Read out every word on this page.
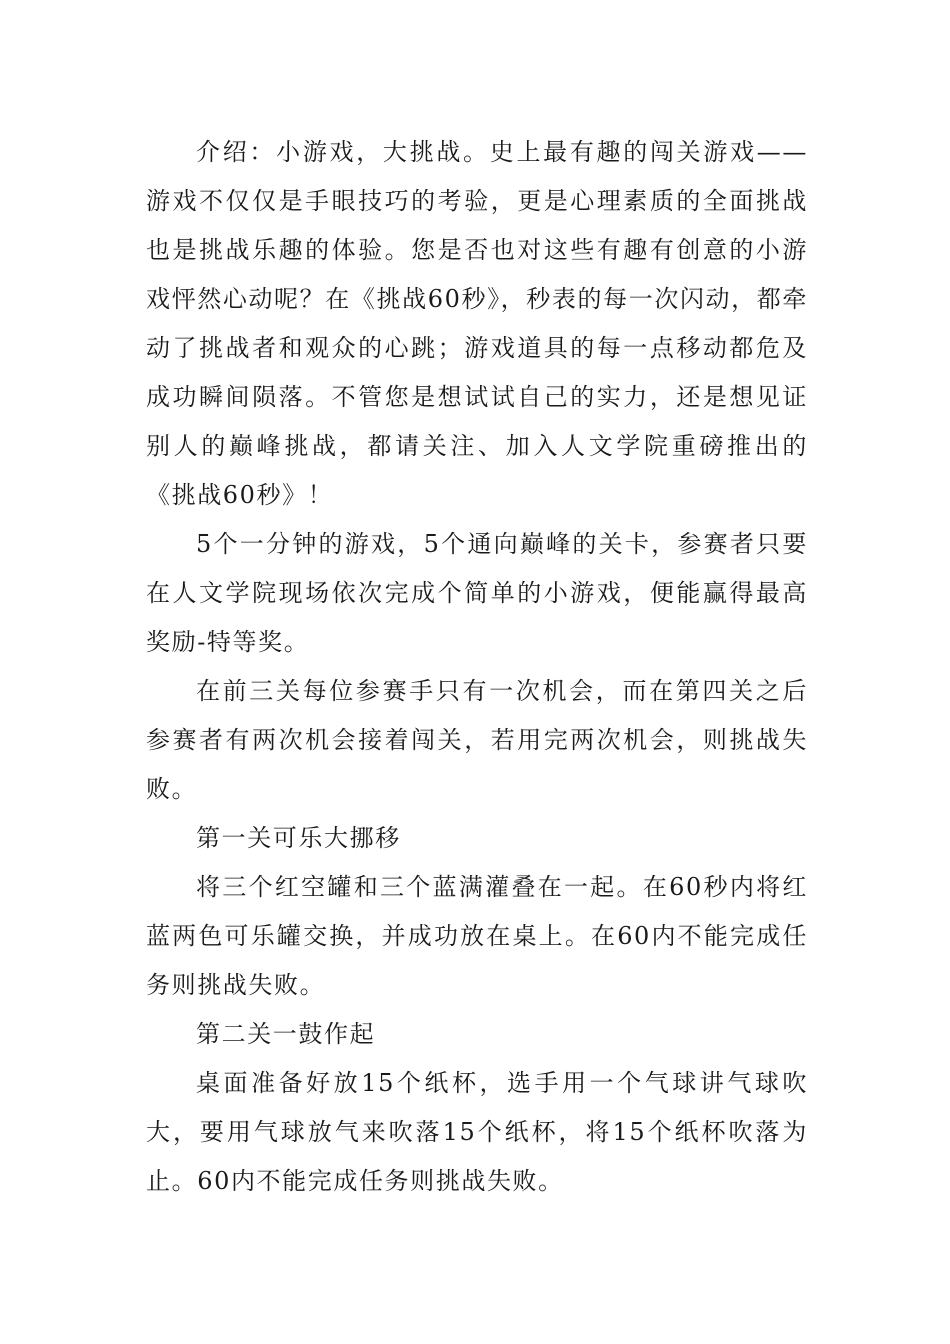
介绍：小游戏，大挑战。史上最有趣的闯关游戏——游戏不仅仅是手眼技巧的考验，更是心理素质的全面挑战也是挑战乐趣的体验。您是否也对这些有趣有创意的小游戏怦然心动呢？在《挑战60秒》，秒表的每一次闪动，都牵动了挑战者和观众的心跳；游戏道具的每一点移动都危及成功瞬间陨落。不管您是想试试自己的实力，还是想见证别人的巅峰挑战，都请关注、加入人文学院重磅推出的《挑战60秒》！

5个一分钟的游戏，5个通向巅峰的关卡，参赛者只要在人文学院现场依次完成个简单的小游戏，便能赢得最高奖励-特等奖。

在前三关每位参赛手只有一次机会，而在第四关之后参赛者有两次机会接着闯关，若用完两次机会，则挑战失败。

第一关可乐大挪移

将三个红空罐和三个蓝满灌叠在一起。在60秒内将红蓝两色可乐罐交换，并成功放在桌上。在60内不能完成任务则挑战失败。

第二关一鼓作起

桌面准备好放15个纸杯，选手用一个气球讲气球吹大，要用气球放气来吹落15个纸杯，将15个纸杯吹落为止。60内不能完成任务则挑战失败。
